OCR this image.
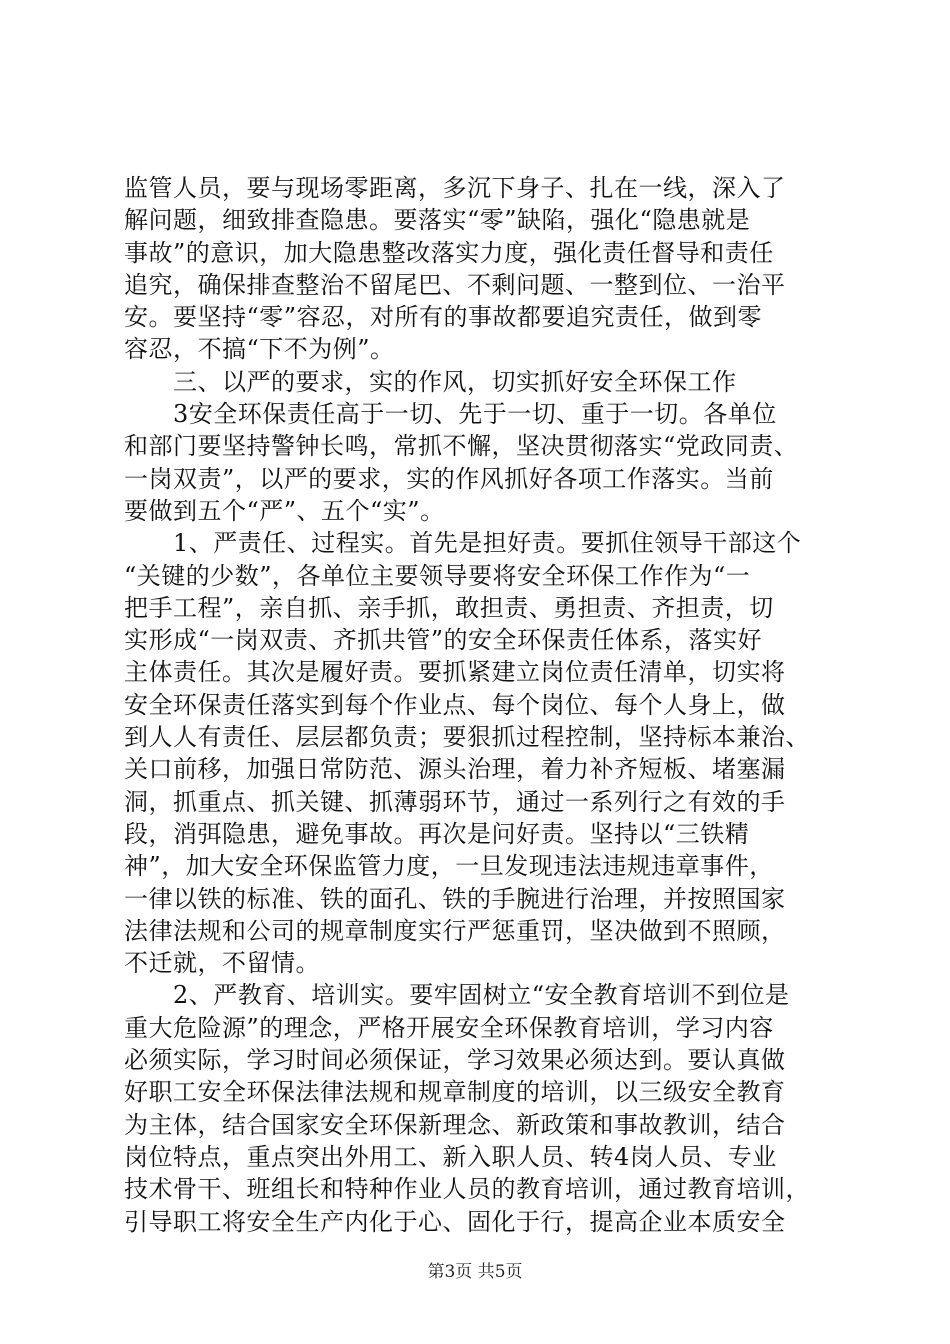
监管人员，要与现场零距离，多沉下身子、扎在一线，深入了
解问题，细致排查隐患。要落实“零”缺陷，强化“隐患就是
事故”的意识，加大隐患整改落实力度，强化责任督导和责任
追究，确保排查整治不留尾巴、不剩问题、一整到位、一治平
安。要坚持“零”容忍，对所有的事故都要追究责任，做到零
容忍，不搞“下不为例”。
　　三、以严的要求，实的作风，切实抓好安全环保工作
　　3安全环保责任高于一切、先于一切、重于一切。各单位
和部门要坚持警钟长鸣，常抓不懈，坚决贯彻落实“党政同责、
一岗双责”，以严的要求，实的作风抓好各项工作落实。当前
要做到五个“严”、五个“实”。
　　1、严责任、过程实。首先是担好责。要抓住领导干部这个
“关键的少数”，各单位主要领导要将安全环保工作作为“一
把手工程”，亲自抓、亲手抓，敢担责、勇担责、齐担责，切
实形成“一岗双责、齐抓共管”的安全环保责任体系，落实好
主体责任。其次是履好责。要抓紧建立岗位责任清单，切实将
安全环保责任落实到每个作业点、每个岗位、每个人身上，做
到人人有责任、层层都负责；要狠抓过程控制，坚持标本兼治、
关口前移，加强日常防范、源头治理，着力补齐短板、堵塞漏
洞，抓重点、抓关键、抓薄弱环节，通过一系列行之有效的手
段，消弭隐患，避免事故。再次是问好责。坚持以“三铁精
神”，加大安全环保监管力度，一旦发现违法违规违章事件，
一律以铁的标准、铁的面孔、铁的手腕进行治理，并按照国家
法律法规和公司的规章制度实行严惩重罚，坚决做到不照顾，
不迁就，不留情。
　　2、严教育、培训实。要牢固树立“安全教育培训不到位是
重大危险源”的理念，严格开展安全环保教育培训，学习内容
必须实际，学习时间必须保证，学习效果必须达到。要认真做
好职工安全环保法律法规和规章制度的培训，以三级安全教育
为主体，结合国家安全环保新理念、新政策和事故教训，结合
岗位特点，重点突出外用工、新入职人员、转4岗人员、专业
技术骨干、班组长和特种作业人员的教育培训，通过教育培训，
引导职工将安全生产内化于心、固化于行，提高企业本质安全
第3页 共5页
